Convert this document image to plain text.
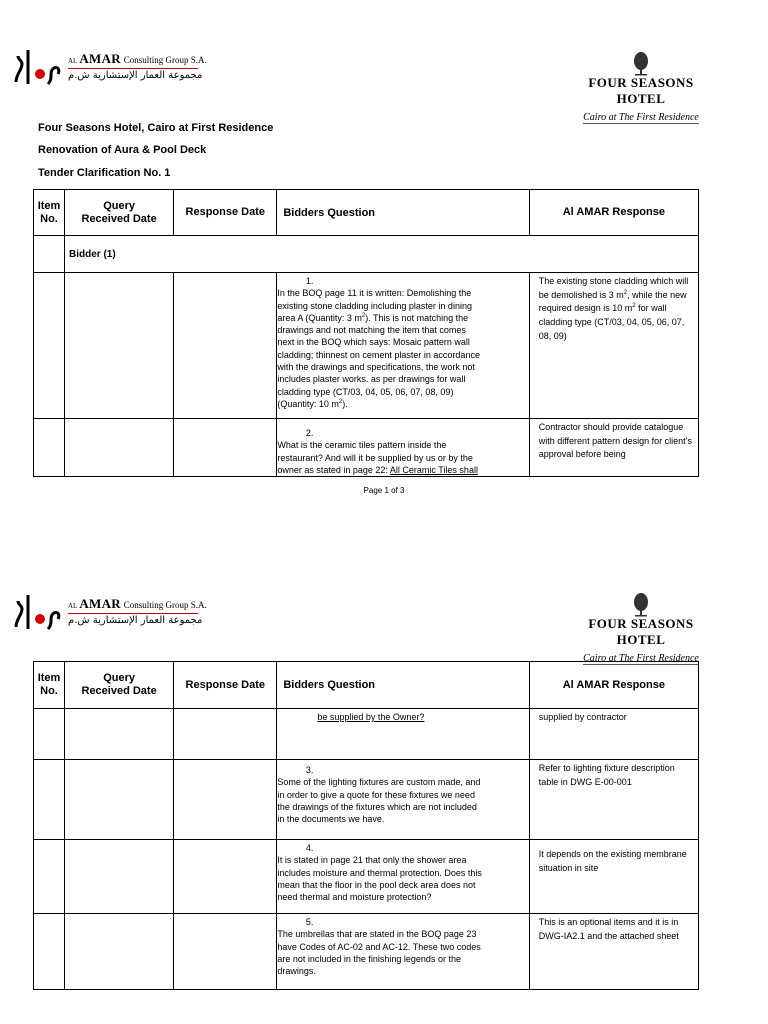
AL AMAR Consulting Group S.A.
مجموعة العمار الإستشارية ش.م	FOUR SEASONS HOTEL
Cairo at The First Residence
Four Seasons Hotel, Cairo at First Residence
Renovation of Aura & Pool Deck
Tender Clarification No. 1
Item
No.	Query
Received Date	Response Date	Bidders Question	Al AMAR Response
	Bidder (1)			
			1.In the BOQ page 11 it is written: Demolishing the existing stone cladding including plaster in dining area A (Quantity: 3 $m^2$). This is not matching the drawings and not matching the item that comes next in the BOQ which says: Mosaic pattern wall cladding; thinnest on cement plaster in accordance with the drawings and specifications, the work not includes plaster works. as per drawings for wall cladding type (CT/03, 04, 05, 06, 07, 08, 09) (Quantity: 10 $m^2$).	The existing stone cladding which will be demolished is 3 $m^2$, while the new required design is 10 $m^2$ for wall cladding type (CT/03, 04, 05, 06, 07, 08, 09)
			2.What is the ceramic tiles pattern inside the restaurant? And will it be supplied by us or by the owner as stated in page 22: All Ceramic Tiles shall	Contractor should provide catalogue with different pattern design for client’s approval before being
Page 1 of 3
AL AMAR Consulting Group S.A.
مجموعة العمار الإستشارية ش.م	FOUR SEASONS HOTEL
Cairo at The First Residence
Item
No.	Query
Received Date	Response Date	Bidders Question	Al AMAR Response

			be supplied by the Owner?	supplied by contractor
			3.Some of the lighting fixtures are custom made, and in order to give a quote for these fixtures we need the drawings of the fixtures which are not included in the documents we have.	Refer to lighting fixture description table in DWG E-00-001
			4.It is stated in page 21 that only the shower area includes moisture and thermal protection. Does this mean that the floor in the pool deck area does not need thermal and moisture protection?	It depends on the existing membrane situation in site
			5.The umbrellas that are stated in the BOQ page 23 have Codes of AC-02 and AC-12. These two codes are not included in the finishing legends or the drawings.	This is an optional items and it is in DWG-IA2.1 and the attached sheet
